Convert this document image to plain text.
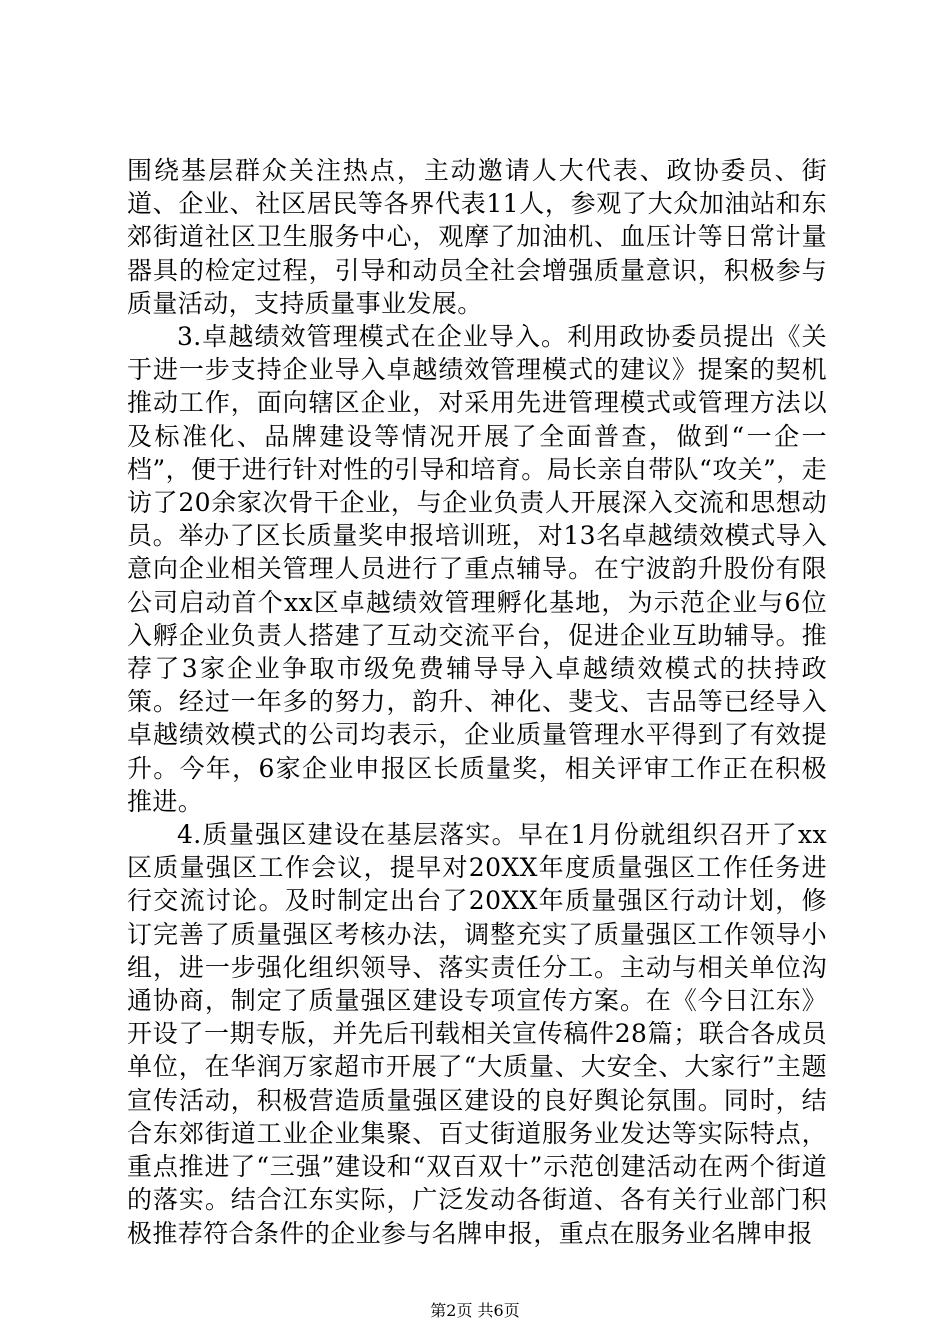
围绕基层群众关注热点，主动邀请人大代表、政协委员、街道、企业、社区居民等各界代表11人，参观了大众加油站和东郊街道社区卫生服务中心，观摩了加油机、血压计等日常计量器具的检定过程，引导和动员全社会增强质量意识，积极参与质量活动，支持质量事业发展。

3.卓越绩效管理模式在企业导入。利用政协委员提出《关于进一步支持企业导入卓越绩效管理模式的建议》提案的契机推动工作，面向辖区企业，对采用先进管理模式或管理方法以及标准化、品牌建设等情况开展了全面普查，做到“一企一档”，便于进行针对性的引导和培育。局长亲自带队“攻关”，走访了20余家次骨干企业，与企业负责人开展深入交流和思想动员。举办了区长质量奖申报培训班，对13名卓越绩效模式导入意向企业相关管理人员进行了重点辅导。在宁波韵升股份有限公司启动首个xx区卓越绩效管理孵化基地，为示范企业与6位入孵企业负责人搭建了互动交流平台，促进企业互助辅导。推荐了3家企业争取市级免费辅导导入卓越绩效模式的扶持政策。经过一年多的努力，韵升、神化、斐戈、吉品等已经导入卓越绩效模式的公司均表示，企业质量管理水平得到了有效提升。今年，6家企业申报区长质量奖，相关评审工作正在积极推进。

4.质量强区建设在基层落实。早在1月份就组织召开了xx区质量强区工作会议，提早对20XX年度质量强区工作任务进行交流讨论。及时制定出台了20XX年质量强区行动计划，修订完善了质量强区考核办法，调整充实了质量强区工作领导小组，进一步强化组织领导、落实责任分工。主动与相关单位沟通协商，制定了质量强区建设专项宣传方案。在《今日江东》开设了一期专版，并先后刊载相关宣传稿件28篇；联合各成员单位，在华润万家超市开展了“大质量、大安全、大家行”主题宣传活动，积极营造质量强区建设的良好舆论氛围。同时，结合东郊街道工业企业集聚、百丈街道服务业发达等实际特点，重点推进了“三强”建设和“双百双十”示范创建活动在两个街道的落实。结合江东实际，广泛发动各街道、各有关行业部门积极推荐符合条件的企业参与名牌申报，重点在服务业名牌申报

第2页 共6页
